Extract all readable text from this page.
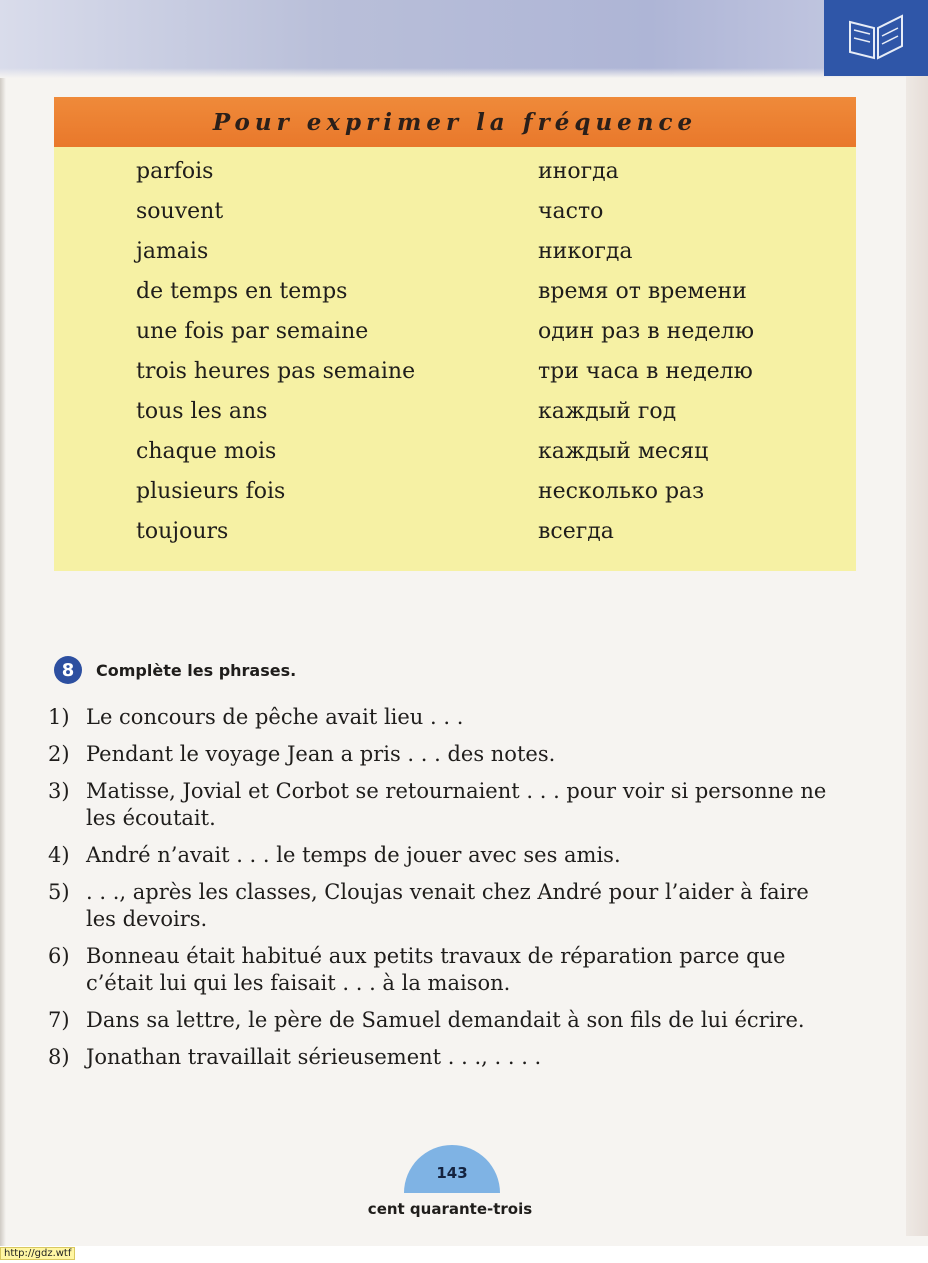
Pour exprimer la fréquence
parfois	иногда
souvent	часто
jamais	никогда
de temps en temps	время от времени
une fois par semaine	один раз в неделю
trois heures pas semaine	три часа в неделю
tous les ans	каждый год
chaque mois	каждый месяц
plusieurs fois	несколько раз
toujours	всегда
8	Complète les phrases.
1) Le concours de pêche avait lieu . . .
2) Pendant le voyage Jean a pris . . . des notes.
3) Matisse, Jovial et Corbot se retournaient . . . pour voir si personne ne les écoutait.
4) André n’avait . . . le temps de jouer avec ses amis.
5) . . ., après les classes, Cloujas venait chez André pour l’aider à faire les devoirs.
6) Bonneau était habitué aux petits travaux de réparation parce que c’était lui qui les faisait . . . à la maison.
7) Dans sa lettre, le père de Samuel demandait à son fils de lui écrire.
8) Jonathan travaillait sérieusement . . ., . . . .
143
cent quarante-trois
http://gdz.wtf
